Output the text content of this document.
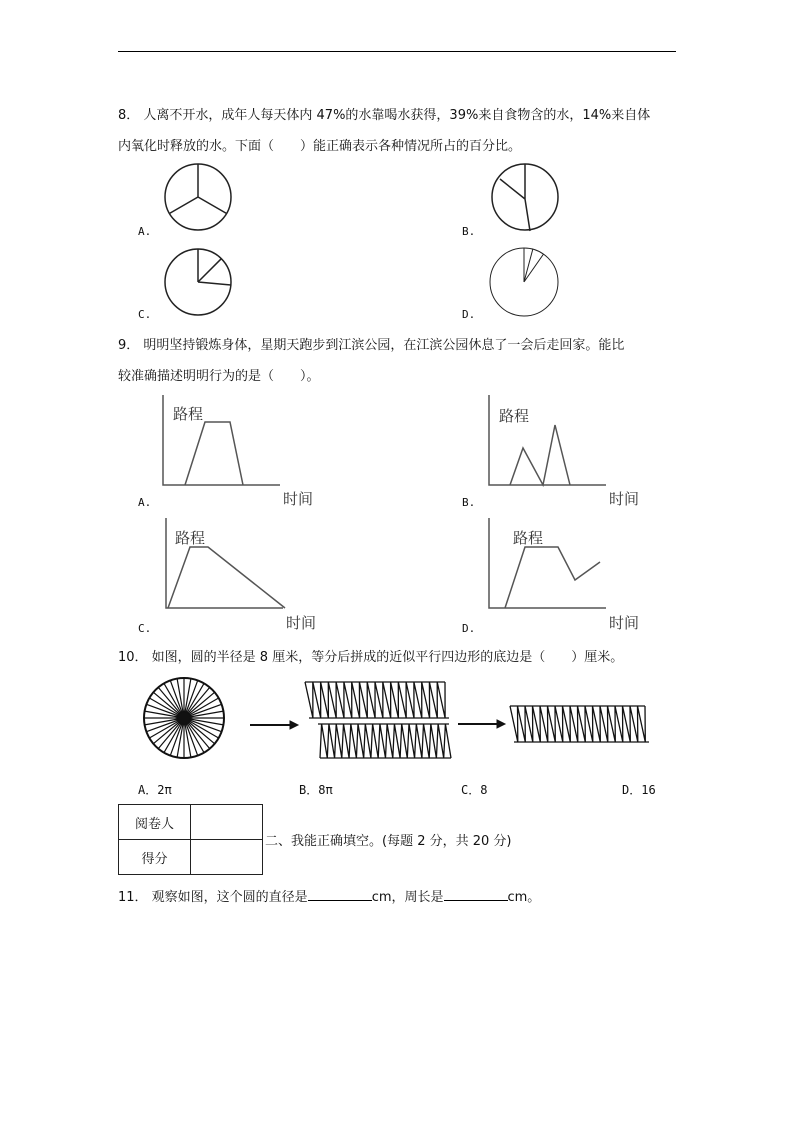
8． 人离不开水，成年人每天体内 47%的水靠喝水获得，39%来自食物含的水，14%来自体
内氧化时释放的水。下面（　　）能正确表示各种情况所占的百分比。
A.	B.
C.	D.
9． 明明坚持锻炼身体，星期天跑步到江滨公园，在江滨公园休息了一会后走回家。能比
较准确描述明明行为的是（　　）。
A.	B.
C.	D.
路程
时间
路程
时间
路程
时间
路程
时间
10． 如图，圆的半径是 8 厘米，等分后拼成的近似平行四边形的底边是（　　）厘米。
A．2π	B．8π	C．8	D．16
阅卷人	
得分	
二、我能正确填空。(每题 2 分，共 20 分)
11． 观察如图，这个圆的直径是	cm，周长是	cm。
